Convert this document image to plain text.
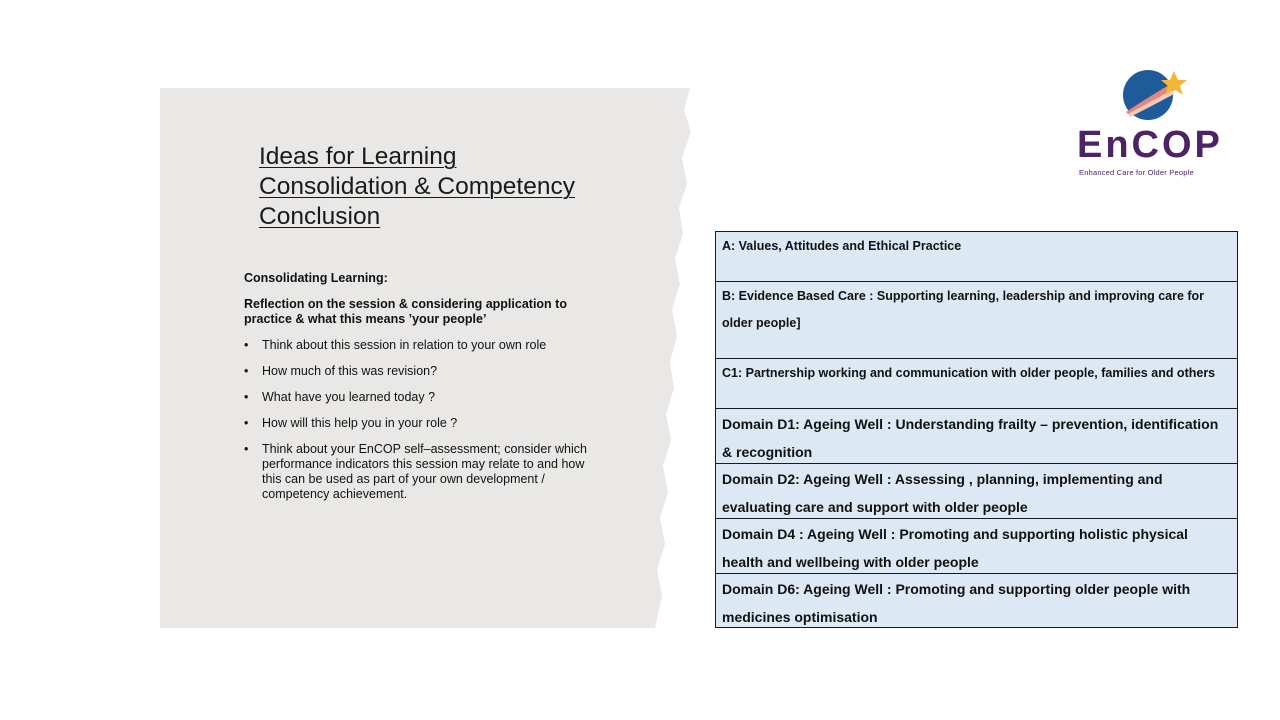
Ideas for Learning
Consolidation & Competency
Conclusion
Consolidating Learning:
Reflection on the session & considering application to practice & what this means ’your people’
• Think about this session in relation to your own role
• How much of this was revision?
• What have you learned today ?
• How will this help you in your role ?
• Think about your EnCOP self–assessment; consider which performance indicators this session may relate to and how this can be used as part of your own development / competency achievement.
EnCOP
Enhanced Care for Older People
A: Values, Attitudes and Ethical Practice
B: Evidence Based Care : Supporting learning, leadership and improving care for older people]
C1: Partnership working and communication with older people, families and others
Domain D1: Ageing Well : Understanding frailty – prevention, identification & recognition
Domain D2: Ageing Well : Assessing , planning, implementing and evaluating care and support with older people
Domain D4 : Ageing Well : Promoting and supporting holistic physical health and wellbeing with older people
Domain D6: Ageing Well : Promoting and supporting older people with medicines optimisation
